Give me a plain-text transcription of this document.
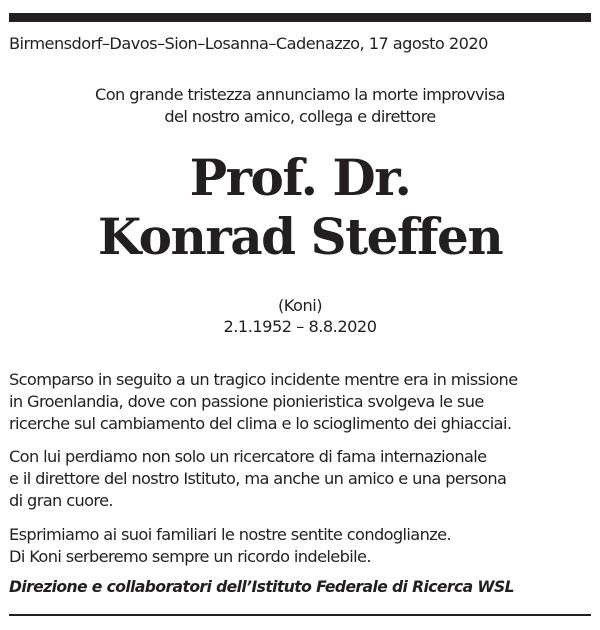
Birmensdorf–Davos–Sion–Losanna–Cadenazzo, 17 agosto 2020
Con grande tristezza annunciamo la morte improvvisa
del nostro amico, collega e direttore
Prof. Dr.
Konrad Steffen
(Koni)
2.1.1952 – 8.8.2020
Scomparso in seguito a un tragico incidente mentre era in missione
in Groenlandia, dove con passione pionieristica svolgeva le sue
ricerche sul cambiamento del clima e lo scioglimento dei ghiacciai.
Con lui perdiamo non solo un ricercatore di fama internazionale
e il direttore del nostro Istituto, ma anche un amico e una persona
di gran cuore.
Esprimiamo ai suoi familiari le nostre sentite condoglianze.
Di Koni serberemo sempre un ricordo indelebile.
Direzione e collaboratori dell’Istituto Federale di Ricerca WSL
